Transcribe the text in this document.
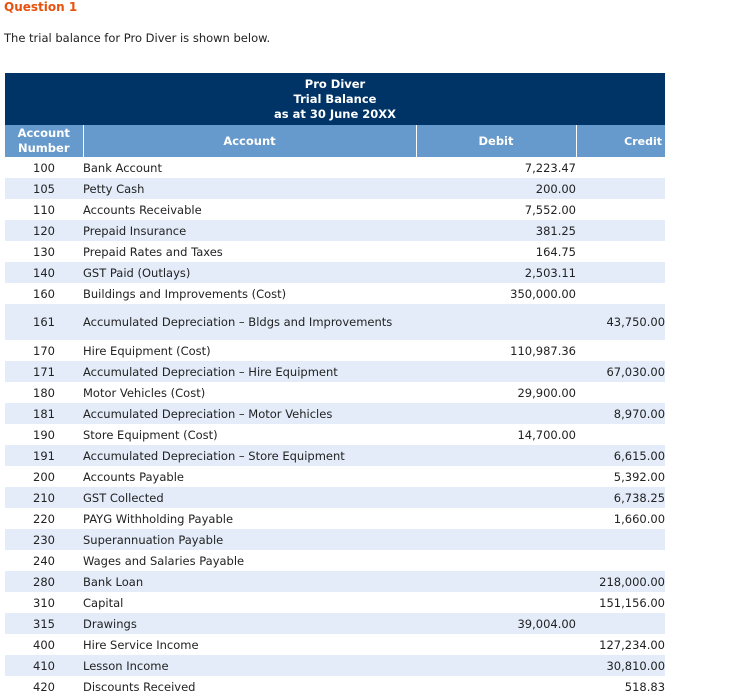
Question 1
The trial balance for Pro Diver is shown below.
Pro Diver
Trial Balance
as at 30 June 20XX			

Account
Number	Account	Debit	Credit
100	Bank Account	7,223.47	
105	Petty Cash	200.00	
110	Accounts Receivable	7,552.00	
120	Prepaid Insurance	381.25	
130	Prepaid Rates and Taxes	164.75	
140	GST Paid (Outlays)	2,503.11	
160	Buildings and Improvements (Cost)	350,000.00	
161	Accumulated Depreciation – Bldgs and Improvements		43,750.00
170	Hire Equipment (Cost)	110,987.36	
171	Accumulated Depreciation – Hire Equipment		67,030.00
180	Motor Vehicles (Cost)	29,900.00	
181	Accumulated Depreciation – Motor Vehicles		8,970.00
190	Store Equipment (Cost)	14,700.00	
191	Accumulated Depreciation – Store Equipment		6,615.00
200	Accounts Payable		5,392.00
210	GST Collected		6,738.25
220	PAYG Withholding Payable		1,660.00
230	Superannuation Payable		
240	Wages and Salaries Payable		
280	Bank Loan		218,000.00
310	Capital		151,156.00
315	Drawings	39,004.00	
400	Hire Service Income		127,234.00
410	Lesson Income		30,810.00
420	Discounts Received		518.83
